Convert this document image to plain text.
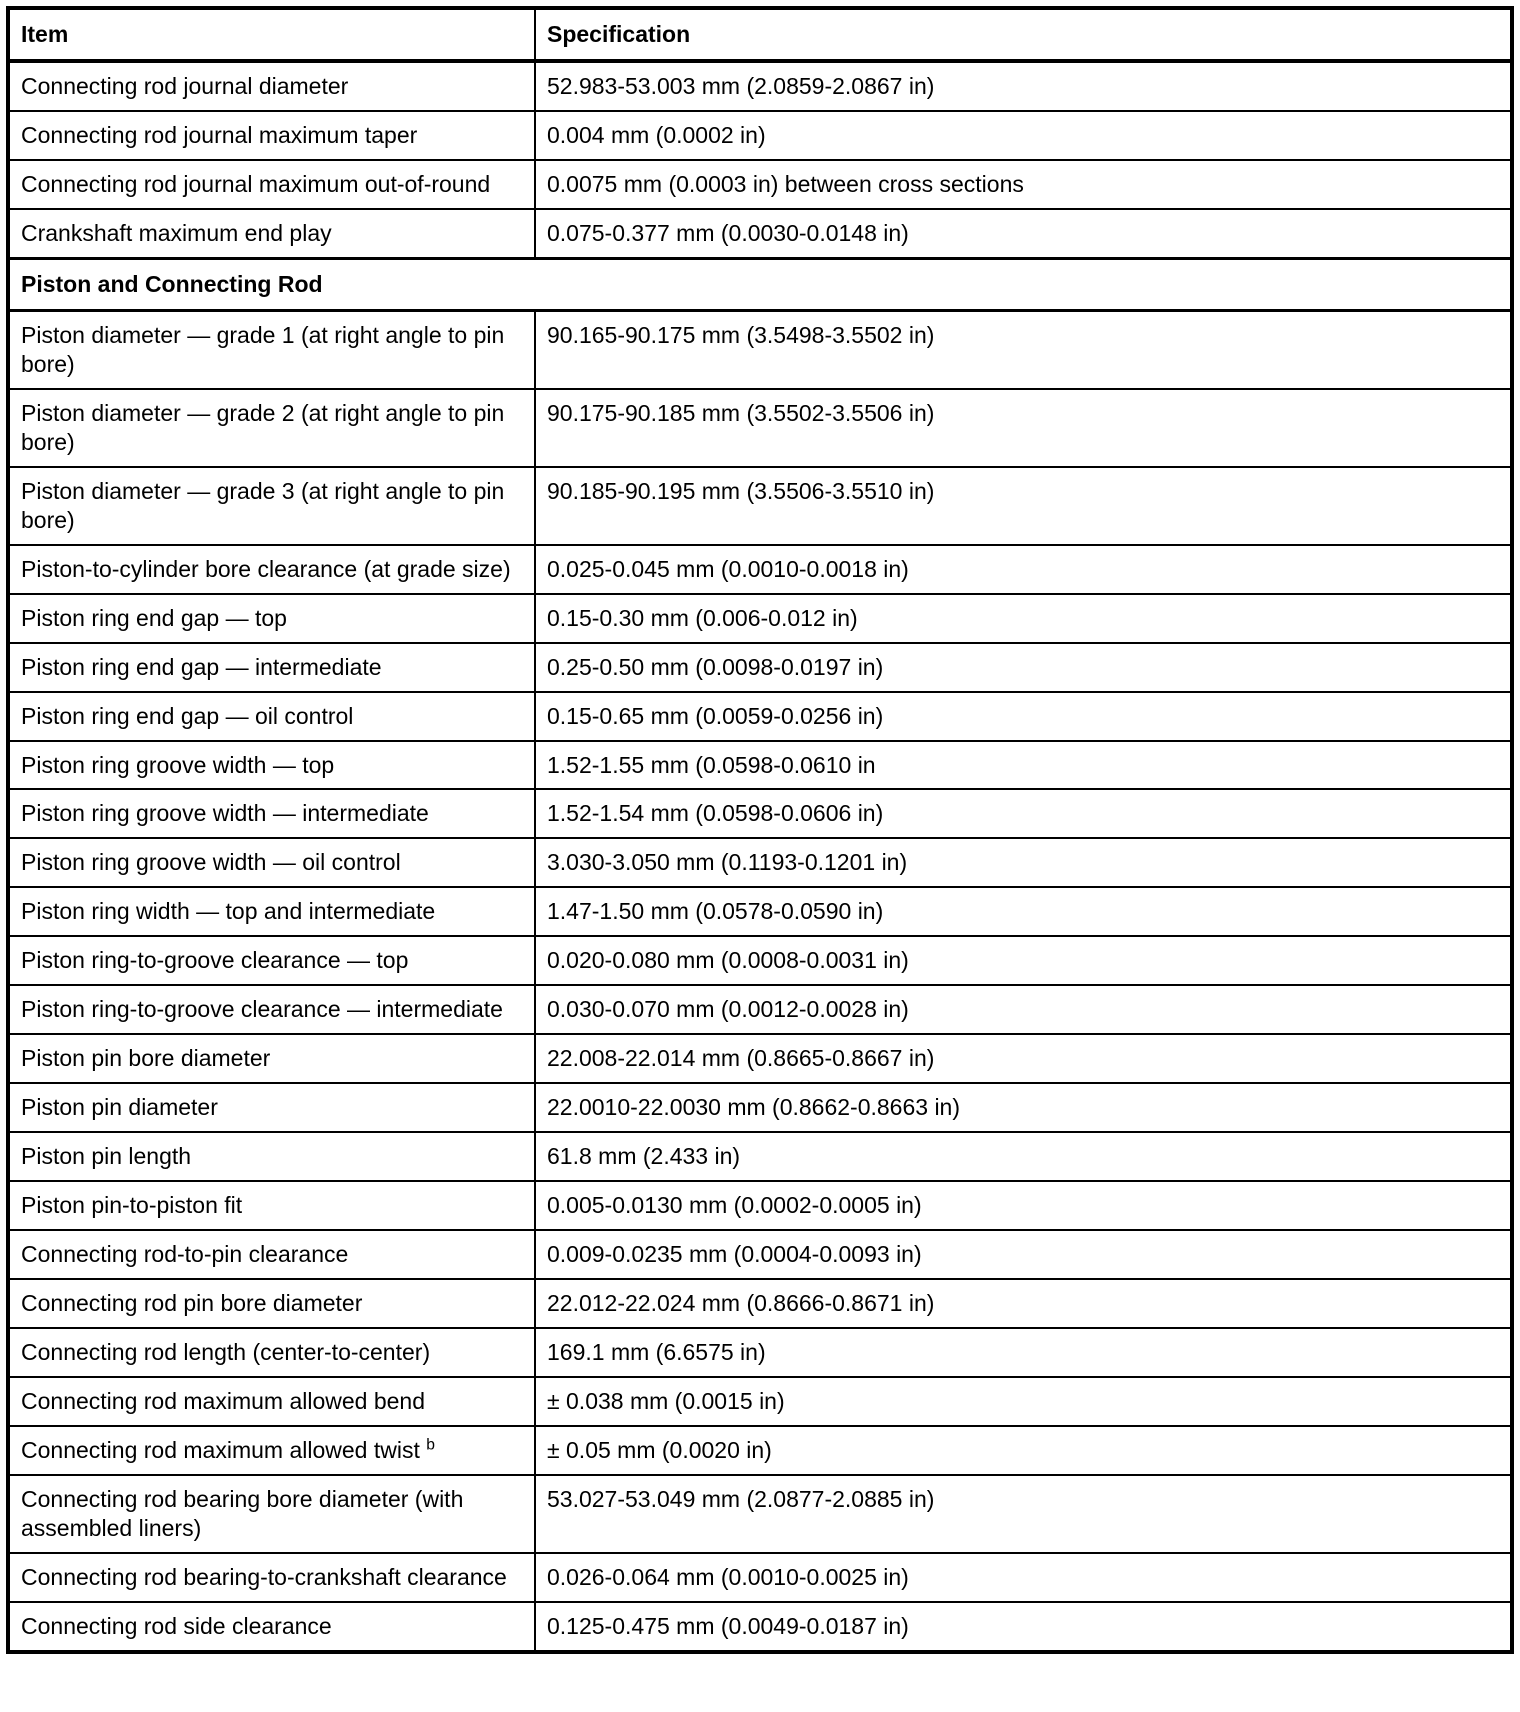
Item	Specification
Connecting rod journal diameter	52.983-53.003 mm (2.0859-2.0867 in)
Connecting rod journal maximum taper	0.004 mm (0.0002 in)
Connecting rod journal maximum out-of-round	0.0075 mm (0.0003 in) between cross sections
Crankshaft maximum end play	0.075-0.377 mm (0.0030-0.0148 in)
Piston and Connecting Rod	
Piston diameter — grade 1 (at right angle to pin bore)	90.165-90.175 mm (3.5498-3.5502 in)
Piston diameter — grade 2 (at right angle to pin bore)	90.175-90.185 mm (3.5502-3.5506 in)
Piston diameter — grade 3 (at right angle to pin bore)	90.185-90.195 mm (3.5506-3.5510 in)
Piston-to-cylinder bore clearance (at grade size)	0.025-0.045 mm (0.0010-0.0018 in)
Piston ring end gap — top	0.15-0.30 mm (0.006-0.012 in)
Piston ring end gap — intermediate	0.25-0.50 mm (0.0098-0.0197 in)
Piston ring end gap — oil control	0.15-0.65 mm (0.0059-0.0256 in)
Piston ring groove width — top	1.52-1.55 mm (0.0598-0.0610 in
Piston ring groove width — intermediate	1.52-1.54 mm (0.0598-0.0606 in)
Piston ring groove width — oil control	3.030-3.050 mm (0.1193-0.1201 in)
Piston ring width — top and intermediate	1.47-1.50 mm (0.0578-0.0590 in)
Piston ring-to-groove clearance — top	0.020-0.080 mm (0.0008-0.0031 in)
Piston ring-to-groove clearance — intermediate	0.030-0.070 mm (0.0012-0.0028 in)
Piston pin bore diameter	22.008-22.014 mm (0.8665-0.8667 in)
Piston pin diameter	22.0010-22.0030 mm (0.8662-0.8663 in)
Piston pin length	61.8 mm (2.433 in)
Piston pin-to-piston fit	0.005-0.0130 mm (0.0002-0.0005 in)
Connecting rod-to-pin clearance	0.009-0.0235 mm (0.0004-0.0093 in)
Connecting rod pin bore diameter	22.012-22.024 mm (0.8666-0.8671 in)
Connecting rod length (center-to-center)	169.1 mm (6.6575 in)
Connecting rod maximum allowed bend	± 0.038 mm (0.0015 in)
Connecting rod maximum allowed twist $^b$	± 0.05 mm (0.0020 in)
Connecting rod bearing bore diameter (with assembled liners)	53.027-53.049 mm (2.0877-2.0885 in)
Connecting rod bearing-to-crankshaft clearance	0.026-0.064 mm (0.0010-0.0025 in)
Connecting rod side clearance	0.125-0.475 mm (0.0049-0.0187 in)
